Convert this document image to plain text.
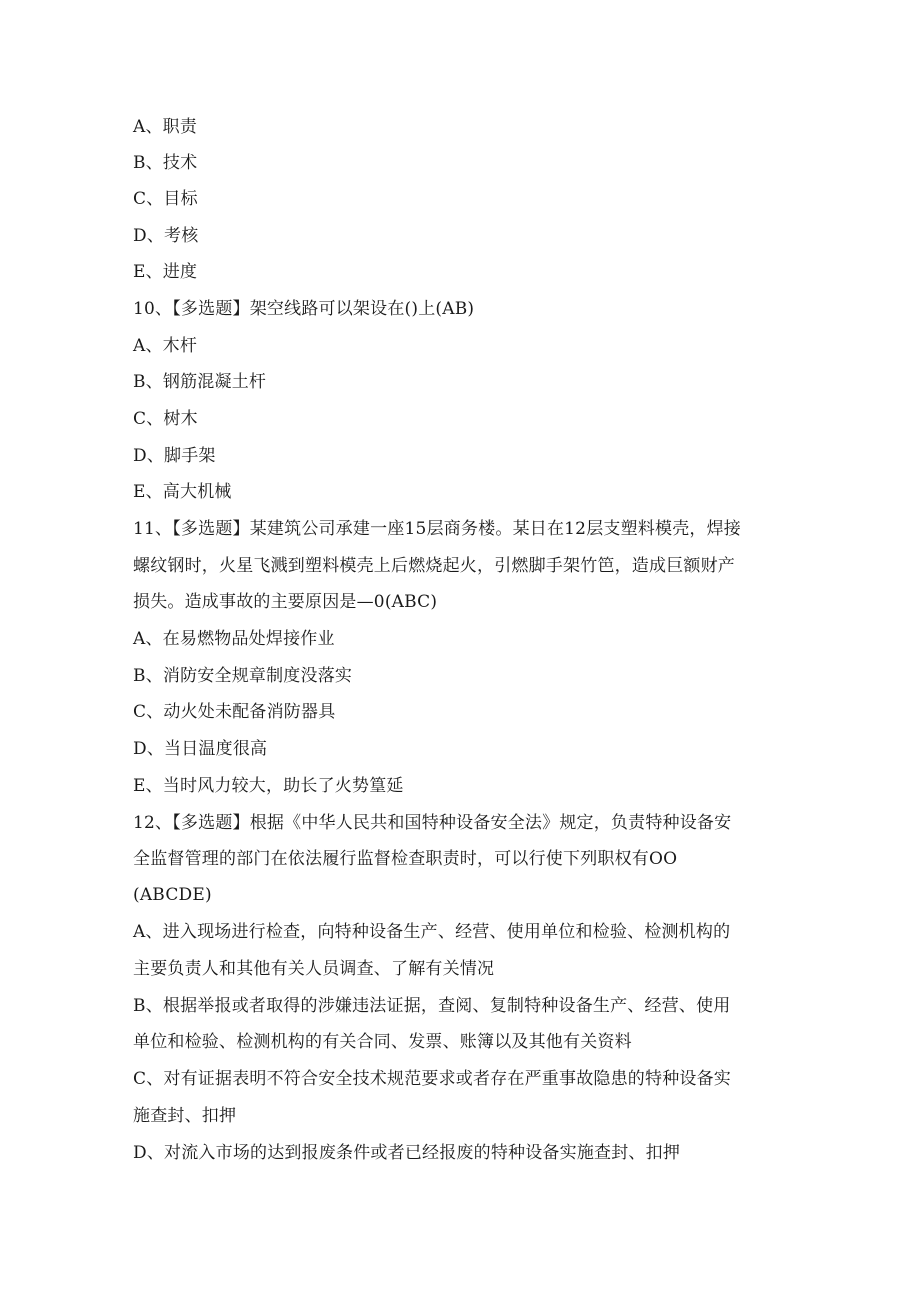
A、职责
B、技术
C、目标
D、考核
E、进度
10、【多选题】架空线路可以架设在()上(AB)
A、木杆
B、钢筋混凝土杆
C、树木
D、脚手架
E、高大机械
11、【多选题】某建筑公司承建一座15层商务楼。某日在12层支塑料模壳，焊接
螺纹钢时，火星飞溅到塑料模壳上后燃烧起火，引燃脚手架竹笆，造成巨额财产
损失。造成事故的主要原因是—0(ABC)
A、在易燃物品处焊接作业
B、消防安全规章制度没落实
C、动火处未配备消防器具
D、当日温度很高
E、当时风力较大，助长了火势篁延
12、【多选题】根据《中华人民共和国特种设备安全法》规定，负责特种设备安
全监督管理的部门在依法履行监督检查职责时，可以行使下列职权有OO
(ABCDE)
A、进入现场进行检查，向特种设备生产、经营、使用单位和检验、检测机构的
主要负责人和其他有关人员调查、了解有关情况
B、根据举报或者取得的涉嫌违法证据，查阅、复制特种设备生产、经营、使用
单位和检验、检测机构的有关合同、发票、账簿以及其他有关资料
C、对有证据表明不符合安全技术规范要求或者存在严重事故隐患的特种设备实
施查封、扣押
D、对流入市场的达到报废条件或者已经报废的特种设备实施查封、扣押
